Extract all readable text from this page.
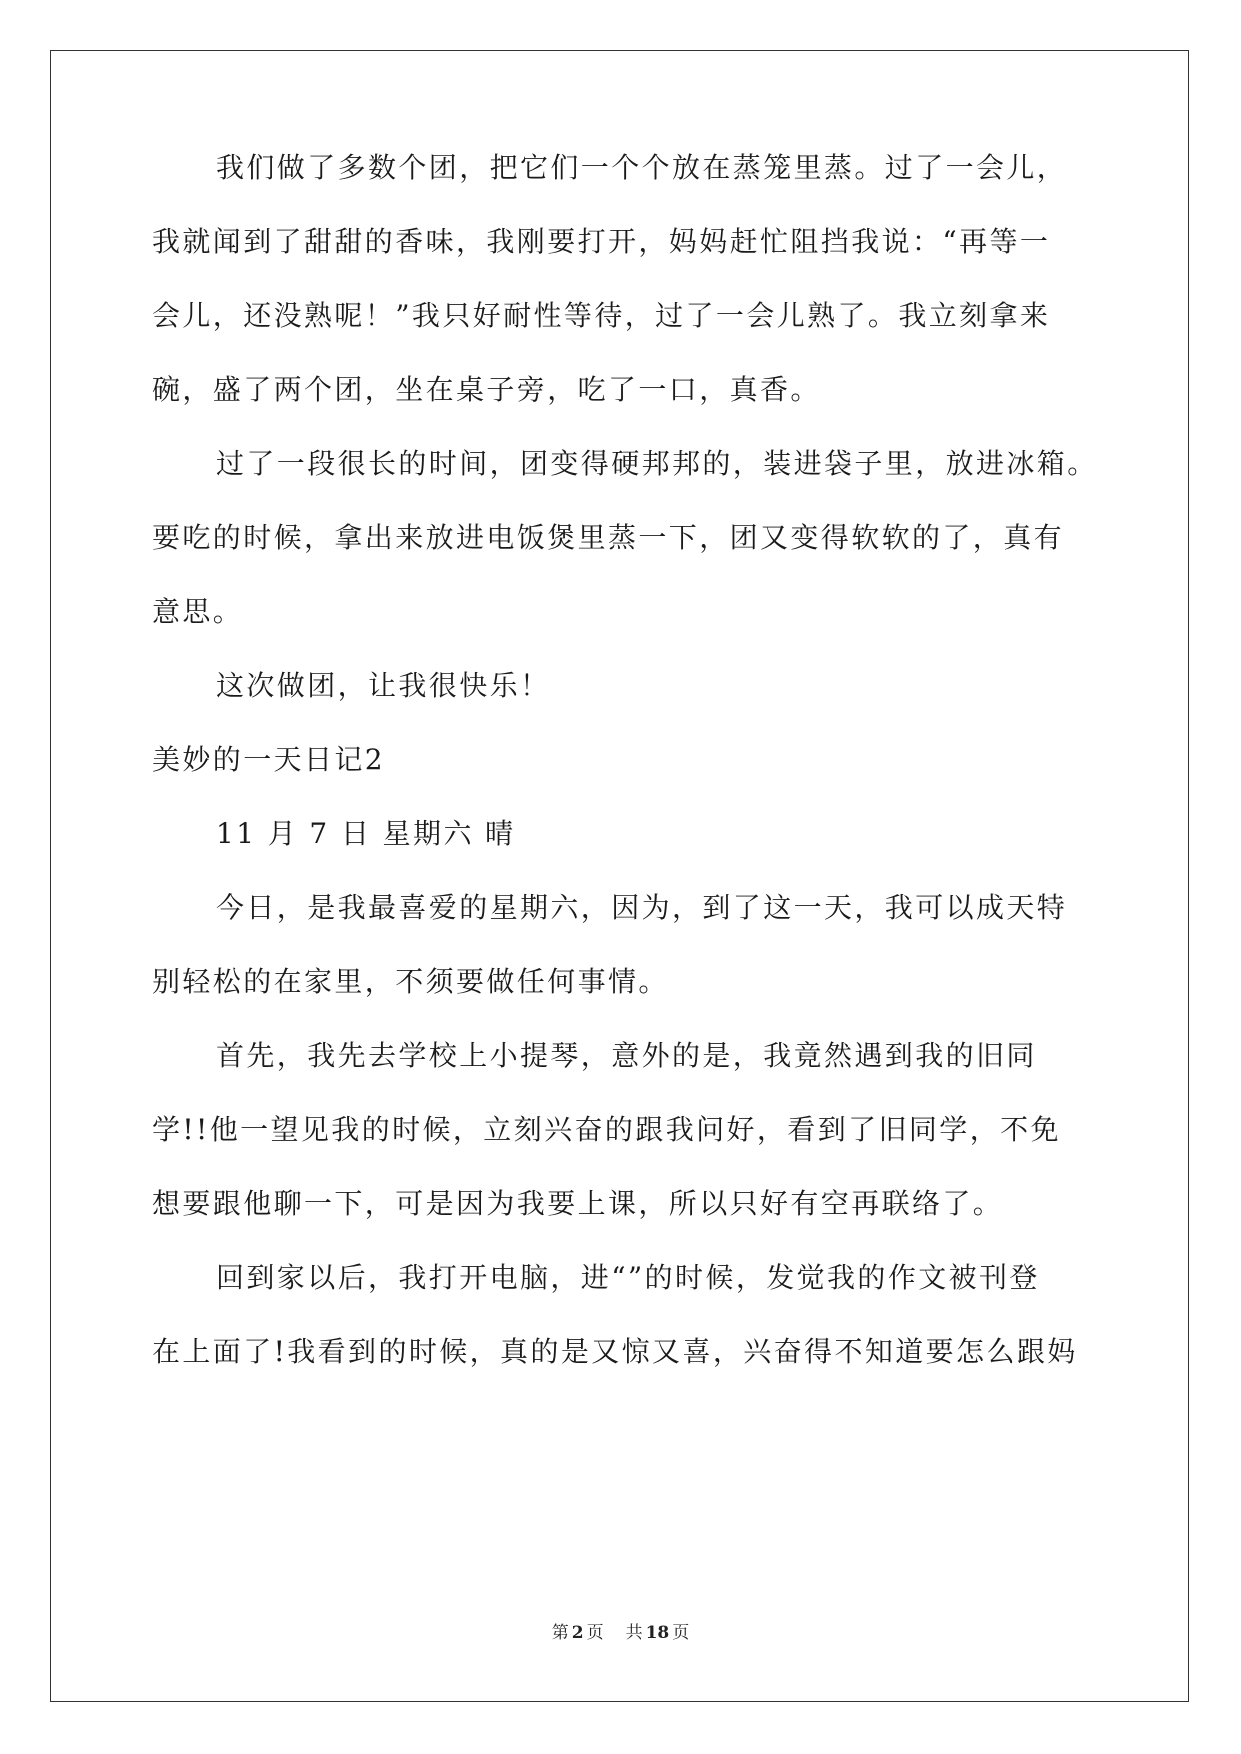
我们做了多数个团，把它们一个个放在蒸笼里蒸。过了一会儿，
我就闻到了甜甜的香味，我刚要打开，妈妈赶忙阻挡我说：“再等一
会儿，还没熟呢！”我只好耐性等待，过了一会儿熟了。我立刻拿来
碗，盛了两个团，坐在桌子旁，吃了一口，真香。
过了一段很长的时间，团变得硬邦邦的，装进袋子里，放进冰箱。
要吃的时候，拿出来放进电饭煲里蒸一下，团又变得软软的了，真有
意思。
这次做团，让我很快乐！
美妙的一天日记2
11 月 7 日 星期六 晴
今日，是我最喜爱的星期六，因为，到了这一天，我可以成天特
别轻松的在家里，不须要做任何事情。
首先，我先去学校上小提琴，意外的是，我竟然遇到我的旧同
学!!他一望见我的时候，立刻兴奋的跟我问好，看到了旧同学，不免
想要跟他聊一下，可是因为我要上课，所以只好有空再联络了。
回到家以后，我打开电脑，进“”的时候，发觉我的作文被刊登
在上面了!我看到的时候，真的是又惊又喜，兴奋得不知道要怎么跟妈
第 2 页 共 18 页
